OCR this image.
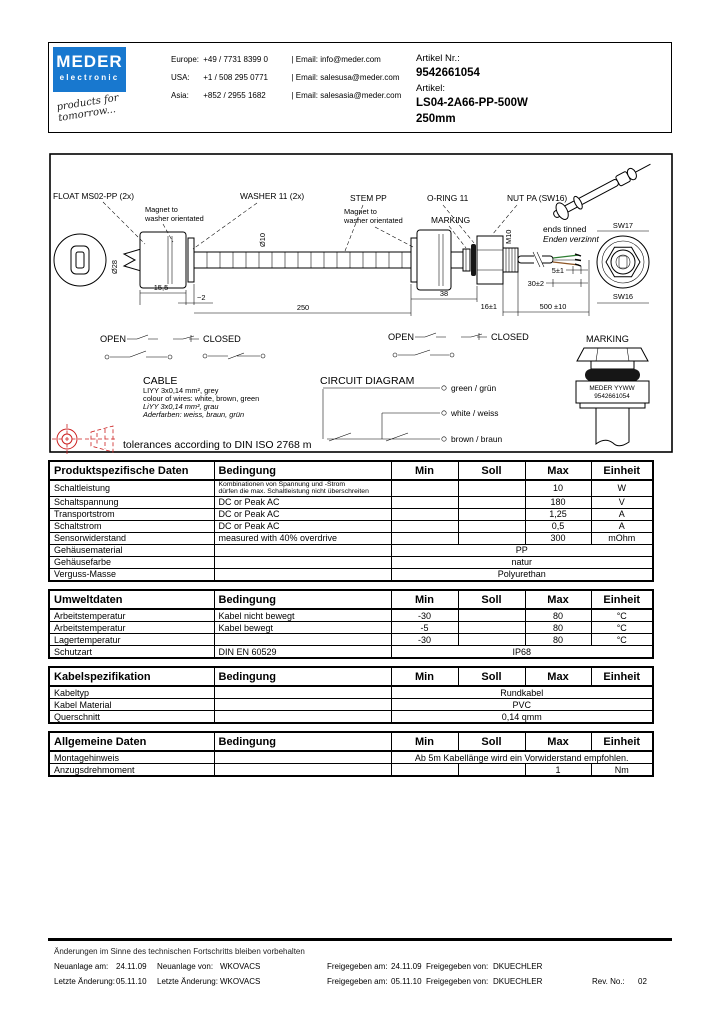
MEDER
electronic
products for tomorrow...
Europe: +49 / 7731 8399 0	| Email: info@meder.com
USA: +1 / 508 295 0771	| Email: salesusa@meder.com
Asia: +852 / 2955 1682	| Email: salesasia@meder.com
Artikel Nr.:
9542661054
Artikel:
LS04-2A66-PP-500W
250mm
FLOAT MS02-PP (2x)
Magnet to
washer orientated
WASHER 11 (2x)	STEM PP
Magnet to
washer orientated
O-RING 11
MARKING
NUT PA (SW16)
ends tinned
Enden verzinnt
Ø28
Ø10
15,5
~2
250
38
16±1	500 ±10
5±1
30±2
M10
SW17
SW16
OPEN	CLOSED	OPEN	CLOSED
CABLE
LIYY 3x0,14 mm², grey
colour of wires: white, brown, green
LiYY 3x0,14 mm², grau
Aderfarben: weiss, braun, grün
CIRCUIT DIAGRAM
green / grün
white / weiss
brown / braun
MARKING
MEDER YYWW
9542661054
tolerances according to DIN ISO 2768 m
Produktspezifische Daten	Bedingung	Min	Soll	Max	Einheit
Schaltleistung	Kombinationen von Spannung und -Strom
dürfen die max. Schaltleistung nicht überschreiten			10	W
Schaltspannung	DC or Peak AC			180	V
Transportstrom	DC or Peak AC			1,25	A
Schaltstrom	DC or Peak AC			0,5	A
Sensorwiderstand	measured with 40% overdrive			300	mOhm
Gehäusematerial		PP			
Gehäusefarbe		natur			
Verguss-Masse		Polyurethan			
Umweltdaten	Bedingung	Min	Soll	Max	Einheit
Arbeitstemperatur	Kabel nicht bewegt	-30		80	°C
Arbeitstemperatur	Kabel bewegt	-5		80	°C
Lagertemperatur		-30		80	°C
Schutzart	DIN EN 60529	IP68			
Kabelspezifikation	Bedingung	Min	Soll	Max	Einheit
Kabeltyp		Rundkabel			
Kabel Material		PVC			
Querschnitt		0,14 qmm			
Allgemeine Daten	Bedingung	Min	Soll	Max	Einheit
Montagehinweis		Ab 5m Kabellänge wird ein Vorwiderstand empfohlen.			
Anzugsdrehmoment				1	Nm
Änderungen im Sinne des technischen Fortschritts bleiben vorbehalten
Neuanlage am: 24.11.09 Neuanlage von: WKOVACS	Freigegeben am: 24.11.09 Freigegeben von: DKUECHLER
Letzte Änderung: 05.11.10 Letzte Änderung: WKOVACS	Freigegeben am: 05.11.10 Freigegeben von: DKUECHLER	Rev. No.: 02
